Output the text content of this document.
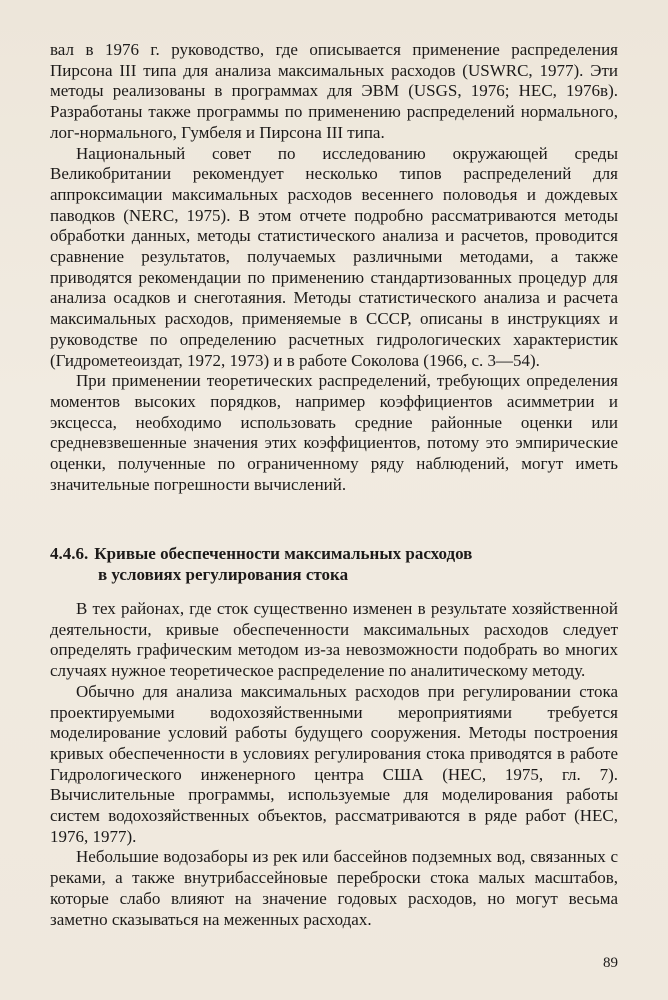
вал в 1976 г. руководство, где описывается применение распределения Пирсона III типа для анализа максимальных расходов (USWRC, 1977). Эти методы реализованы в программах для ЭВМ (USGS, 1976; HEC, 1976в). Разработаны также программы по применению распределений нормального, лог-нормального, Гумбеля и Пирсона III типа.

Национальный совет по исследованию окружающей среды Великобритании рекомендует несколько типов распределений для аппроксимации максимальных расходов весеннего половодья и дождевых паводков (NERC, 1975). В этом отчете подробно рассматриваются методы обработки данных, методы статистического анализа и расчетов, проводится сравнение результатов, получаемых различными методами, а также приводятся рекомендации по применению стандартизованных процедур для анализа осадков и снеготаяния. Методы статистического анализа и расчета максимальных расходов, применяемые в СССР, описаны в инструкциях и руководстве по определению расчетных гидрологических характеристик (Гидрометеоиздат, 1972, 1973) и в работе Соколова (1966, с. 3—54).

При применении теоретических распределений, требующих определения моментов высоких порядков, например коэффициентов асимметрии и эксцесса, необходимо использовать средние районные оценки или средневзвешенные значения этих коэффициентов, потому это эмпирические оценки, полученные по ограниченному ряду наблюдений, могут иметь значительные погрешности вычислений.

4.4.6. Кривые обеспеченности максимальных расходов
в условиях регулирования стока

В тех районах, где сток существенно изменен в результате хозяйственной деятельности, кривые обеспеченности максимальных расходов следует определять графическим методом из-за невозможности подобрать во многих случаях нужное теоретическое распределение по аналитическому методу.

Обычно для анализа максимальных расходов при регулировании стока проектируемыми водохозяйственными мероприятиями требуется моделирование условий работы будущего сооружения. Методы построения кривых обеспеченности в условиях регулирования стока приводятся в работе Гидрологического инженерного центра США (HEC, 1975, гл. 7). Вычислительные программы, используемые для моделирования работы систем водохозяйственных объектов, рассматриваются в ряде работ (HEC, 1976, 1977).

Небольшие водозаборы из рек или бассейнов подземных вод, связанных с реками, а также внутрибассейновые переброски стока малых масштабов, которые слабо влияют на значение годовых расходов, но могут весьма заметно сказываться на меженных расходах.

89
